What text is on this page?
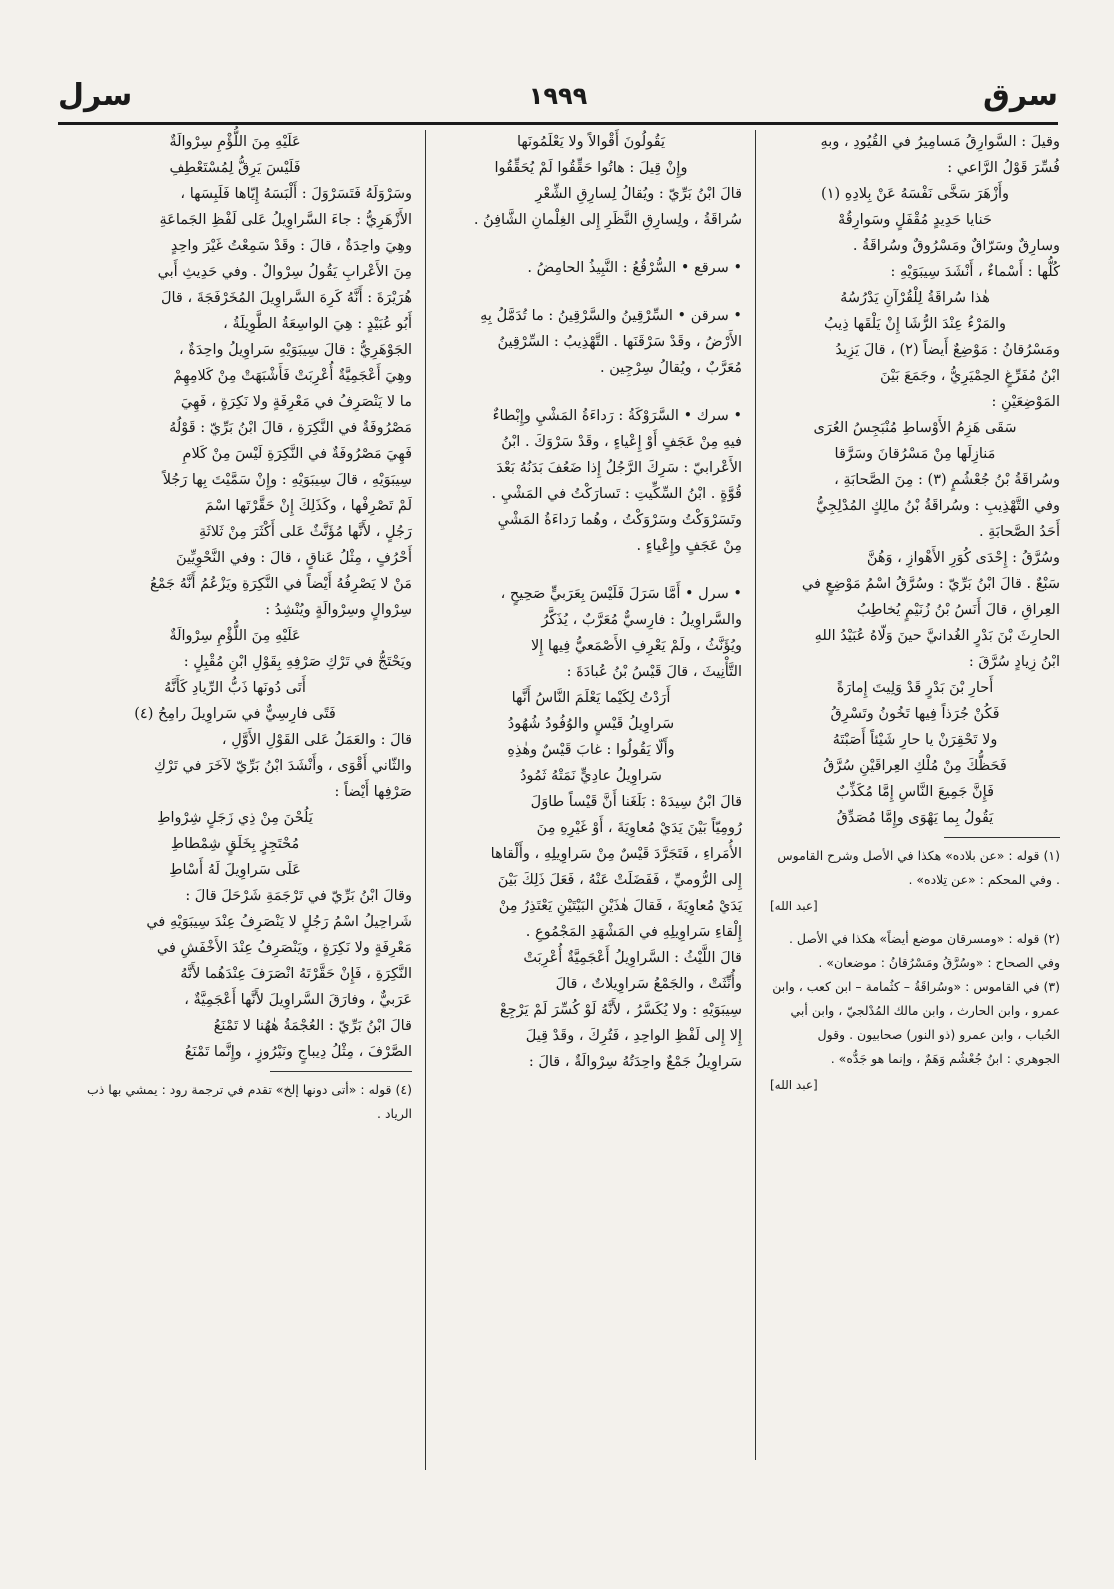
سرق
١٩٩٩
سرل
وقيلَ : السَّوارِقُ مَسامِيرُ في القُيُودِ ، وبهِ
فُسِّرَ قَوْلُ الرَّاعي :
وأَزْهَرَ سَخَّى نَفْسَهُ عَنْ بِلادِهِ (١)
حَنايا حَدِيدٍ مُقْفَلٍ وسَوارِقُهْ
وسارِقٌ وسَرّاقٌ ومَسْرُوقٌ وسُراقَةُ .
كُلُّها : أَسْماءٌ ، أَنْشَدَ سِيبَوَيْهِ :
هٰذا سُراقَةُ لِلْقُرْآنِ يَدْرُسُهُ
والمَرْءُ عِنْدَ الرُّشَا إِنْ يَلْقَها ذِيبُ
ومَسْرُقانُ : مَوْضِعٌ أَيضاً (٢) ، قالَ يَزِيدُ
ابْنُ مُفَرِّغٍ الحِمْيَرِيُّ ، وجَمَعَ بَيْنَ
المَوْضِعَيْنِ :
سَقَى هَزِمُ الأَوْساطِ مُنْبَجِسُ العُرَى
مَنازِلَها مِنْ مَسْرُقانَ وسَرَّقا
وسُراقَةُ بْنُ جُعْشُمٍ (٣) : مِنَ الصَّحابَةِ ،
وفي التَّهْذِيبِ : وسُراقَةُ بْنُ مالِكٍ المُدْلِجِيُّ
أَحَدُ الصَّحابَةِ .
وسُرَّقُ : إِحْدَى كُوَرِ الأَهْوازِ ، وَهُنَّ
سَبْعٌ . قالَ ابْنُ بَرِّيّ : وسُرَّقُ اسْمُ مَوْضِعٍ في
العِراقِ ، قالَ أَنَسُ بْنُ زُنَيْمٍ يُخاطِبُ
الحارِثَ بْنَ بَدْرٍ الغُدانيَّ حينَ وَلّاهُ عُبَيْدُ اللهِ
ابْنُ زِيادٍ سُرَّقَ :
أَحارِ بْنَ بَدْرٍ قَدْ وَلِيتَ إِمارَةً
فَكُنْ جُرَذاً فِيها تَخُونُ وتَسْرِقُ
ولا تَحْقِرَنْ يا حارِ شَيْئاً أَصَبْتَهُ
فَحَظُّكَ مِنْ مُلْكِ العِراقَيْنِ سُرَّقُ
فَإِنَّ جَمِيعَ النَّاسِ إِمَّا مُكَذِّبٌ
يَقُولُ بِما يَهْوَى وإِمَّا مُصَدِّقُ
(١) قوله : «عن بلاده» هكذا في الأصل وشرح القاموس . وفي المحكم : «عن تِلاده» .
[عبد الله]
(٢) قوله : «ومسرقان موضع أيضاً» هكذا في الأصل . وفي الصحاح : «وسُرَّقُ ومَسْرُقانُ : موضعان» .
(٣) في القاموس : «وسُراقَةُ – كثُمامة – ابن كعب ، وابن عمرو ، وابن الحارث ، وابن مالك المُدْلجيّ ، وابن أبي الحُباب ، وابن عمرو (ذو النور) صحابيون . وقول الجوهري : ابنُ جُعْشُم وَهَمٌ ، وإنما هو جَدُّه» .
[عبد الله]
يَقُولُونَ أَقْوالاً ولا يَعْلَمُونَها
وإِنْ قِيلَ : هاتُوا حَقِّقُوا لَمْ يُحَقِّقُوا
قالَ ابْنُ بَرِّيّ : ويُقالُ لِسارِقِ الشِّعْرِ
سُراقَةُ ، ولِسارِقِ النَّظَرِ إِلى الغِلْمانِ الشَّافِنُ .
• سرقع • السُّرْقُعُ : النَّبِيذُ الحامِضُ .
• سرقن • السِّرْقِينُ والسَّرْقِينُ : ما تُدَمَّلُ بِهِ
الأَرْضُ ، وقَدْ سَرْقَنَها . التَّهْذِيبُ : السِّرْقِينُ
مُعَرَّبٌ ، ويُقالُ سِرْجِين .
• سرك • السَّرَوْكَةُ : رَداءَةُ المَشْيِ وإِبْطاءٌ
فيهِ مِنْ عَجَفٍ أَوْ إِعْياءٍ ، وقَدْ سَرْوَكَ . ابْنُ
الأَعْرابيّ : سَرِكَ الرَّجُلُ إِذا ضَعُفَ بَدَنُهُ بَعْدَ
قُوَّةٍ . ابْنُ السِّكِّيتِ : تَسارَكْتُ في المَشْيِ .
وتَسَرْوَكْتُ وسَرْوَكْتُ ، وهُما رَداءَةُ المَشْيِ
مِنْ عَجَفٍ وإِعْياءٍ .
• سرل • أَمَّا سَرَلَ فَلَيْسَ بِعَرَبيٍّ صَحِيحٍ ،
والسَّراوِيلُ : فارِسيٌّ مُعَرَّبٌ ، يُذَكَّرُ
ويُؤَنَّثُ ، ولَمْ يَعْرِفِ الأَصْمَعيُّ فِيها إِلا
التَّأْنِيثَ ، قالَ قَيْسُ بْنُ عُبادَةَ :
أَرَدْتُ لِكَيْما يَعْلَمَ النَّاسُ أَنَّها
سَراوِيلُ قَيْسٍ والوُفُودُ شُهُودُ
وأَلّا يَقُولُوا : غابَ قَيْسٌ وهٰذِهِ
سَراوِيلُ عادِيٍّ نَمَتْهُ ثَمُودُ
قالَ ابْنُ سِيدَهْ : بَلَغَنا أَنَّ قَيْساً طاوَلَ
رُومِيّاً بَيْنَ يَدَيْ مُعاوِيَةَ ، أَوْ غَيْرِهِ مِنَ
الأُمَراءِ ، فَتَجَرَّدَ قَيْسٌ مِنْ سَراوِيلِهِ ، وأَلْقاها
إِلى الرُّوميِّ ، فَفَضَلَتْ عَنْهُ ، فَعَلَ ذَلِكَ بَيْنَ
يَدَيْ مُعاوِيَةَ ، فَقالَ هٰذَيْنِ البَيْتَيْنِ يَعْتَذِرُ مِنْ
إِلْقاءِ سَراوِيلِهِ في المَشْهَدِ المَجْمُوعِ .
قالَ اللَّيْثُ : السَّراوِيلُ أَعْجَمِيَّةٌ أُعْرِبَتْ
وأُنِّثَتْ ، والجَمْعُ سَراوِيلاتٌ ، قالَ
سِيبَوَيْهِ : ولا يُكَسَّرُ ، لأَنَّهُ لَوْ كُسِّرَ لَمْ يَرْجِعْ
إِلا إِلى لَفْظِ الواحِدِ ، فَتُرِكَ ، وقَدْ قِيلَ
سَراوِيلُ جَمْعٌ واحِدَتُهُ سِرْوالَةٌ ، قالَ :
عَلَيْهِ مِنَ اللُّؤْمِ سِرْوالَةٌ
فَلَيْسَ يَرِقُّ لِمُسْتَعْطِفِ
وسَرْوَلَهُ فَتَسَرْوَلَ : أَلْبَسَهُ إِيّاها فَلَبِسَها ،
الأَزْهَرِيُّ : جاءَ السَّراوِيلُ عَلى لَفْظِ الجَماعَةِ
وهِيَ واحِدَةٌ ، قالَ : وقَدْ سَمِعْتُ غَيْرَ واحِدٍ
مِنَ الأَعْرابِ يَقُولُ سِرْوالٌ . وفي حَدِيثِ أَبي
هُرَيْرَةَ : أَنَّهُ كَرِهَ السَّراوِيلَ المُخَرْفَجَةَ ، قالَ
أَبُو عُبَيْدٍ : هِيَ الواسِعَةُ الطَّوِيلَةُ ،
الجَوْهَرِيُّ : قالَ سِيبَوَيْهِ سَراوِيلُ واحِدَةٌ ،
وهِيَ أَعْجَمِيَّةٌ أُعْرِبَتْ فَأَشْبَهَتْ مِنْ كَلامِهِمْ
ما لا يَنْصَرِفُ في مَعْرِفَةٍ ولا نَكِرَةٍ ، فَهِيَ
مَصْرُوفَةٌ في النَّكِرَةِ ، قالَ ابْنُ بَرِّيّ : قَوْلُهُ
فَهِيَ مَصْرُوفَةٌ في النَّكِرَةِ لَيْسَ مِنْ كَلامِ
سِيبَوَيْهِ ، قالَ سِيبَوَيْهِ : وإِنْ سَمَّيْتَ بِها رَجُلاً
لَمْ تَصْرِفْها ، وكَذَلِكَ إِنْ حَقَّرْتَها اسْمَ
رَجُلٍ ، لأَنَّها مُؤَنَّثٌ عَلى أَكْثَرَ مِنْ ثَلاثَةِ
أَحْرُفٍ ، مِثْلُ عَناقٍ ، قالَ : وفي النَّحْوِيِّينَ
مَنْ لا يَصْرِفُهُ أَيْضاً في النَّكِرَةِ ويَزْعُمُ أَنَّهُ جَمْعُ
سِرْوالٍ وسِرْوالَةٍ ويُنْشِدُ :
عَلَيْهِ مِنَ اللُّؤْمِ سِرْوالَةٌ
ويَحْتَجُّ في تَرْكِ صَرْفِهِ بِقَوْلِ ابْنِ مُقْبِلٍ :
أَتَى دُونَها ذَبُّ الرِّيادِ كَأَنَّهُ
فَتًى فارِسِيٌّ في سَراوِيلَ رامِحُ (٤)
قالَ : والعَمَلُ عَلى القَوْلِ الأَوَّلِ ،
والثّاني أَقْوَى ، وأَنْشَدَ ابْنُ بَرِّيّ لآخَرَ في تَرْكِ
صَرْفِها أَيْضاً :
يَلُحْنَ مِنْ ذِي زَجَلٍ شِرْواطِ
مُحْتَجِزٍ بِخَلَقٍ شِمْطاطِ
عَلَى سَراوِيلَ لَهُ أَسْاطِ
وقالَ ابْنُ بَرِّيّ في تَرْجَمَةِ شَرْحَلَ قالَ :
شَراحِيلُ اسْمُ رَجُلٍ لا يَنْصَرِفُ عِنْدَ سِيبَوَيْهِ في
مَعْرِفَةٍ ولا نَكِرَةٍ ، ويَنْصَرِفُ عِنْدَ الأَخْفَشِ في
النَّكِرَةِ ، فَإِنْ حَقَّرْتَهُ انْصَرَفَ عِنْدَهُما لأَنَّهُ
عَرَبيٌّ ، وفارَقَ السَّراوِيلَ لأَنَّها أَعْجَمِيَّةٌ ،
قالَ ابْنُ بَرِّيّ : العُجْمَةُ هٰهُنا لا تَمْنَعُ
الصَّرْفَ ، مِثْلُ دِيباجٍ ونَيْرُوزٍ ، وإِنَّما تَمْنَعُ
(٤) قوله : «أتى دونها إلخ» تقدم في ترجمة رود : يمشي بها ذب الرياد .
